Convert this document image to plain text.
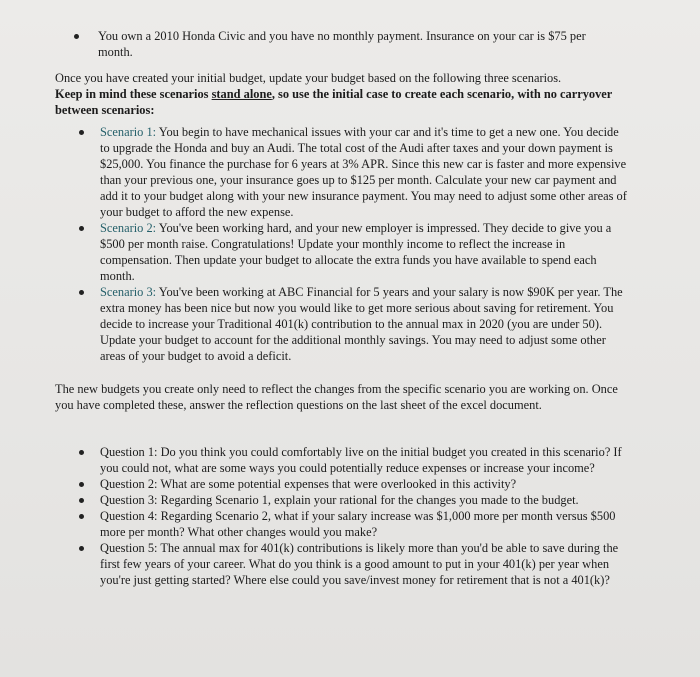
You own a 2010 Honda Civic and you have no monthly payment. Insurance on your car is $75 per month.
Once you have created your initial budget, update your budget based on the following three scenarios.
Keep in mind these scenarios stand alone, so use the initial case to create each scenario, with no carryover between scenarios:
Scenario 1: You begin to have mechanical issues with your car and it's time to get a new one. You decide to upgrade the Honda and buy an Audi. The total cost of the Audi after taxes and your down payment is $25,000. You finance the purchase for 6 years at 3% APR. Since this new car is faster and more expensive than your previous one, your insurance goes up to $125 per month. Calculate your new car payment and add it to your budget along with your new insurance payment. You may need to adjust some other areas of your budget to afford the new expense.
Scenario 2: You've been working hard, and your new employer is impressed. They decide to give you a $500 per month raise. Congratulations! Update your monthly income to reflect the increase in compensation. Then update your budget to allocate the extra funds you have available to spend each month.
Scenario 3: You've been working at ABC Financial for 5 years and your salary is now $90K per year. The extra money has been nice but now you would like to get more serious about saving for retirement. You decide to increase your Traditional 401(k) contribution to the annual max in 2020 (you are under 50). Update your budget to account for the additional monthly savings. You may need to adjust some other areas of your budget to avoid a deficit.
The new budgets you create only need to reflect the changes from the specific scenario you are working on. Once you have completed these, answer the reflection questions on the last sheet of the excel document.
Question 1: Do you think you could comfortably live on the initial budget you created in this scenario? If you could not, what are some ways you could potentially reduce expenses or increase your income?
Question 2: What are some potential expenses that were overlooked in this activity?
Question 3: Regarding Scenario 1, explain your rational for the changes you made to the budget.
Question 4: Regarding Scenario 2, what if your salary increase was $1,000 more per month versus $500 more per month? What other changes would you make?
Question 5: The annual max for 401(k) contributions is likely more than you'd be able to save during the first few years of your career. What do you think is a good amount to put in your 401(k) per year when you're just getting started? Where else could you save/invest money for retirement that is not a 401(k)?
